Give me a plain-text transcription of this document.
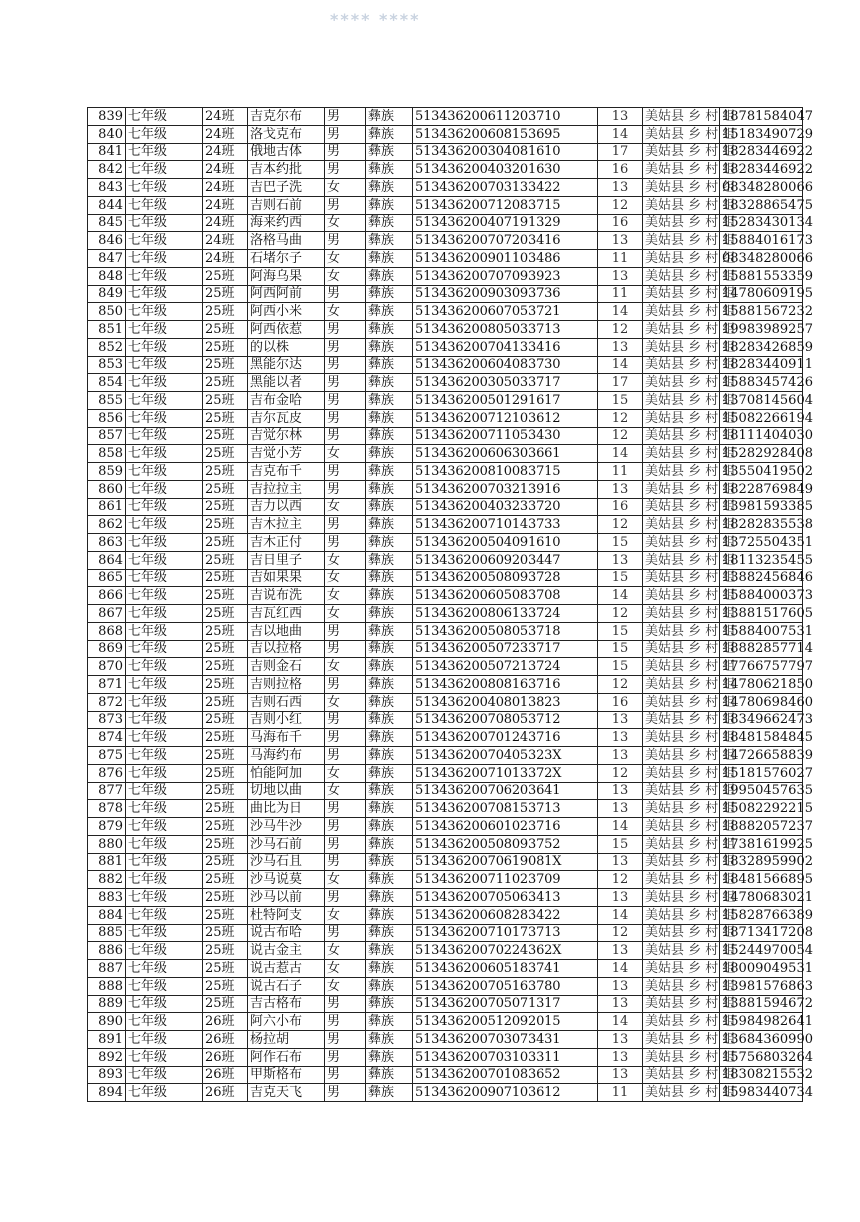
**** ****
839	七年级	24班	吉克尔布	男	彝族	513436200611203710	13	美姑县 乡 村 组	18781584047
840	七年级	24班	洛戈克布	男	彝族	513436200608153695	14	美姑县 乡 村 组	15183490729
841	七年级	24班	俄地古体	男	彝族	513436200304081610	17	美姑县 乡 村 组	18283446922
842	七年级	24班	吉本约批	男	彝族	513436200403201630	16	美姑县 乡 村 组	18283446922
843	七年级	24班	吉巴子洗	女	彝族	513436200703133422	13	美姑县 乡 村 组	08348280066
844	七年级	24班	吉则石前	男	彝族	513436200712083715	12	美姑县 乡 村 组	18328865475
845	七年级	24班	海来约西	女	彝族	513436200407191329	16	美姑县 乡 村 组	15283430134
846	七年级	24班	洛格马曲	男	彝族	513436200707203416	13	美姑县 乡 村 组	15884016173
847	七年级	24班	石堵尔子	女	彝族	513436200901103486	11	美姑县 乡 村 组	08348280066
848	七年级	25班	阿海乌果	女	彝族	513436200707093923	13	美姑县 乡 村 组	15881553359
849	七年级	25班	阿西阿前	男	彝族	513436200903093736	11	美姑县 乡 村 组	14780609195
850	七年级	25班	阿西小米	女	彝族	513436200607053721	14	美姑县 乡 村 组	15881567232
851	七年级	25班	阿西依惹	男	彝族	513436200805033713	12	美姑县 乡 村 组	19983989257
852	七年级	25班	的以株	男	彝族	513436200704133416	13	美姑县 乡 村 组	18283426859
853	七年级	25班	黑能尔达	男	彝族	513436200604083730	14	美姑县 乡 村 组	18283440911
854	七年级	25班	黑能以者	男	彝族	513436200305033717	17	美姑县 乡 村 组	15883457426
855	七年级	25班	吉布金哈	男	彝族	513436200501291617	15	美姑县 乡 村 组	13708145604
856	七年级	25班	吉尔瓦皮	男	彝族	513436200712103612	12	美姑县 乡 村 组	15082266194
857	七年级	25班	吉觉尔林	男	彝族	513436200711053430	12	美姑县 乡 村 组	18111404030
858	七年级	25班	吉觉小芳	女	彝族	513436200606303661	14	美姑县 乡 村 组	15282928408
859	七年级	25班	吉克布千	男	彝族	513436200810083715	11	美姑县 乡 村 组	13550419502
860	七年级	25班	吉拉拉主	男	彝族	513436200703213916	13	美姑县 乡 村 组	18228769849
861	七年级	25班	吉力以西	女	彝族	513436200403233720	16	美姑县 乡 村 组	13981593385
862	七年级	25班	吉木拉主	男	彝族	513436200710143733	12	美姑县 乡 村 组	18282835538
863	七年级	25班	吉木正付	男	彝族	513436200504091610	15	美姑县 乡 村 组	13725504351
864	七年级	25班	吉日里子	女	彝族	513436200609203447	13	美姑县 乡 村 组	18113235455
865	七年级	25班	吉如果果	女	彝族	513436200508093728	15	美姑县 乡 村 组	13882456846
866	七年级	25班	吉说布洗	女	彝族	513436200605083708	14	美姑县 乡 村 组	15884000373
867	七年级	25班	吉瓦红西	女	彝族	513436200806133724	12	美姑县 乡 村 组	13881517605
868	七年级	25班	吉以地曲	男	彝族	513436200508053718	15	美姑县 乡 村 组	15884007531
869	七年级	25班	吉以拉格	男	彝族	513436200507233717	15	美姑县 乡 村 组	18882857714
870	七年级	25班	吉则金石	女	彝族	513436200507213724	15	美姑县 乡 村 组	17766757797
871	七年级	25班	吉则拉格	男	彝族	513436200808163716	12	美姑县 乡 村 组	14780621850
872	七年级	25班	吉则石西	女	彝族	513436200408013823	16	美姑县 乡 村 组	14780698460
873	七年级	25班	吉则小红	男	彝族	513436200708053712	13	美姑县 乡 村 组	18349662473
874	七年级	25班	马海布千	男	彝族	513436200701243716	13	美姑县 乡 村 组	18481584845
875	七年级	25班	马海约布	男	彝族	51343620070405323X	13	美姑县 乡 村 组	14726658839
876	七年级	25班	怕能阿加	女	彝族	51343620071013372X	12	美姑县 乡 村 组	15181576027
877	七年级	25班	切地以曲	女	彝族	513436200706203641	13	美姑县 乡 村 组	19950457635
878	七年级	25班	曲比为日	男	彝族	513436200708153713	13	美姑县 乡 村 组	15082292215
879	七年级	25班	沙马牛沙	男	彝族	513436200601023716	14	美姑县 乡 村 组	18882057237
880	七年级	25班	沙马石前	男	彝族	513436200508093752	15	美姑县 乡 村 组	17381619925
881	七年级	25班	沙马石且	男	彝族	51343620070619081X	13	美姑县 乡 村 组	18328959902
882	七年级	25班	沙马说莫	女	彝族	513436200711023709	12	美姑县 乡 村 组	18481566895
883	七年级	25班	沙马以前	男	彝族	513436200705063413	13	美姑县 乡 村 组	14780683021
884	七年级	25班	杜特阿支	女	彝族	513436200608283422	14	美姑县 乡 村 组	15828766389
885	七年级	25班	说古布哈	男	彝族	513436200710173713	12	美姑县 乡 村 组	18713417208
886	七年级	25班	说古金主	女	彝族	51343620070224362X	13	美姑县 乡 村 组	15244970054
887	七年级	25班	说古惹古	女	彝族	513436200605183741	14	美姑县 乡 村 组	18009049531
888	七年级	25班	说古石子	女	彝族	513436200705163780	13	美姑县 乡 村 组	13981576863
889	七年级	25班	吉古格布	男	彝族	513436200705071317	13	美姑县 乡 村 组	13881594672
890	七年级	26班	阿六小布	男	彝族	513436200512092015	14	美姑县 乡 村 组	15984982641
891	七年级	26班	杨拉胡	男	彝族	513436200703073431	13	美姑县 乡 村 组	13684360990
892	七年级	26班	阿作石布	男	彝族	513436200703103311	13	美姑县 乡 村 组	15756803264
893	七年级	26班	甲斯格布	男	彝族	513436200701083652	13	美姑县 乡 村 组	18308215532
894	七年级	26班	吉克天飞	男	彝族	513436200907103612	11	美姑县 乡 村 组	15983440734
